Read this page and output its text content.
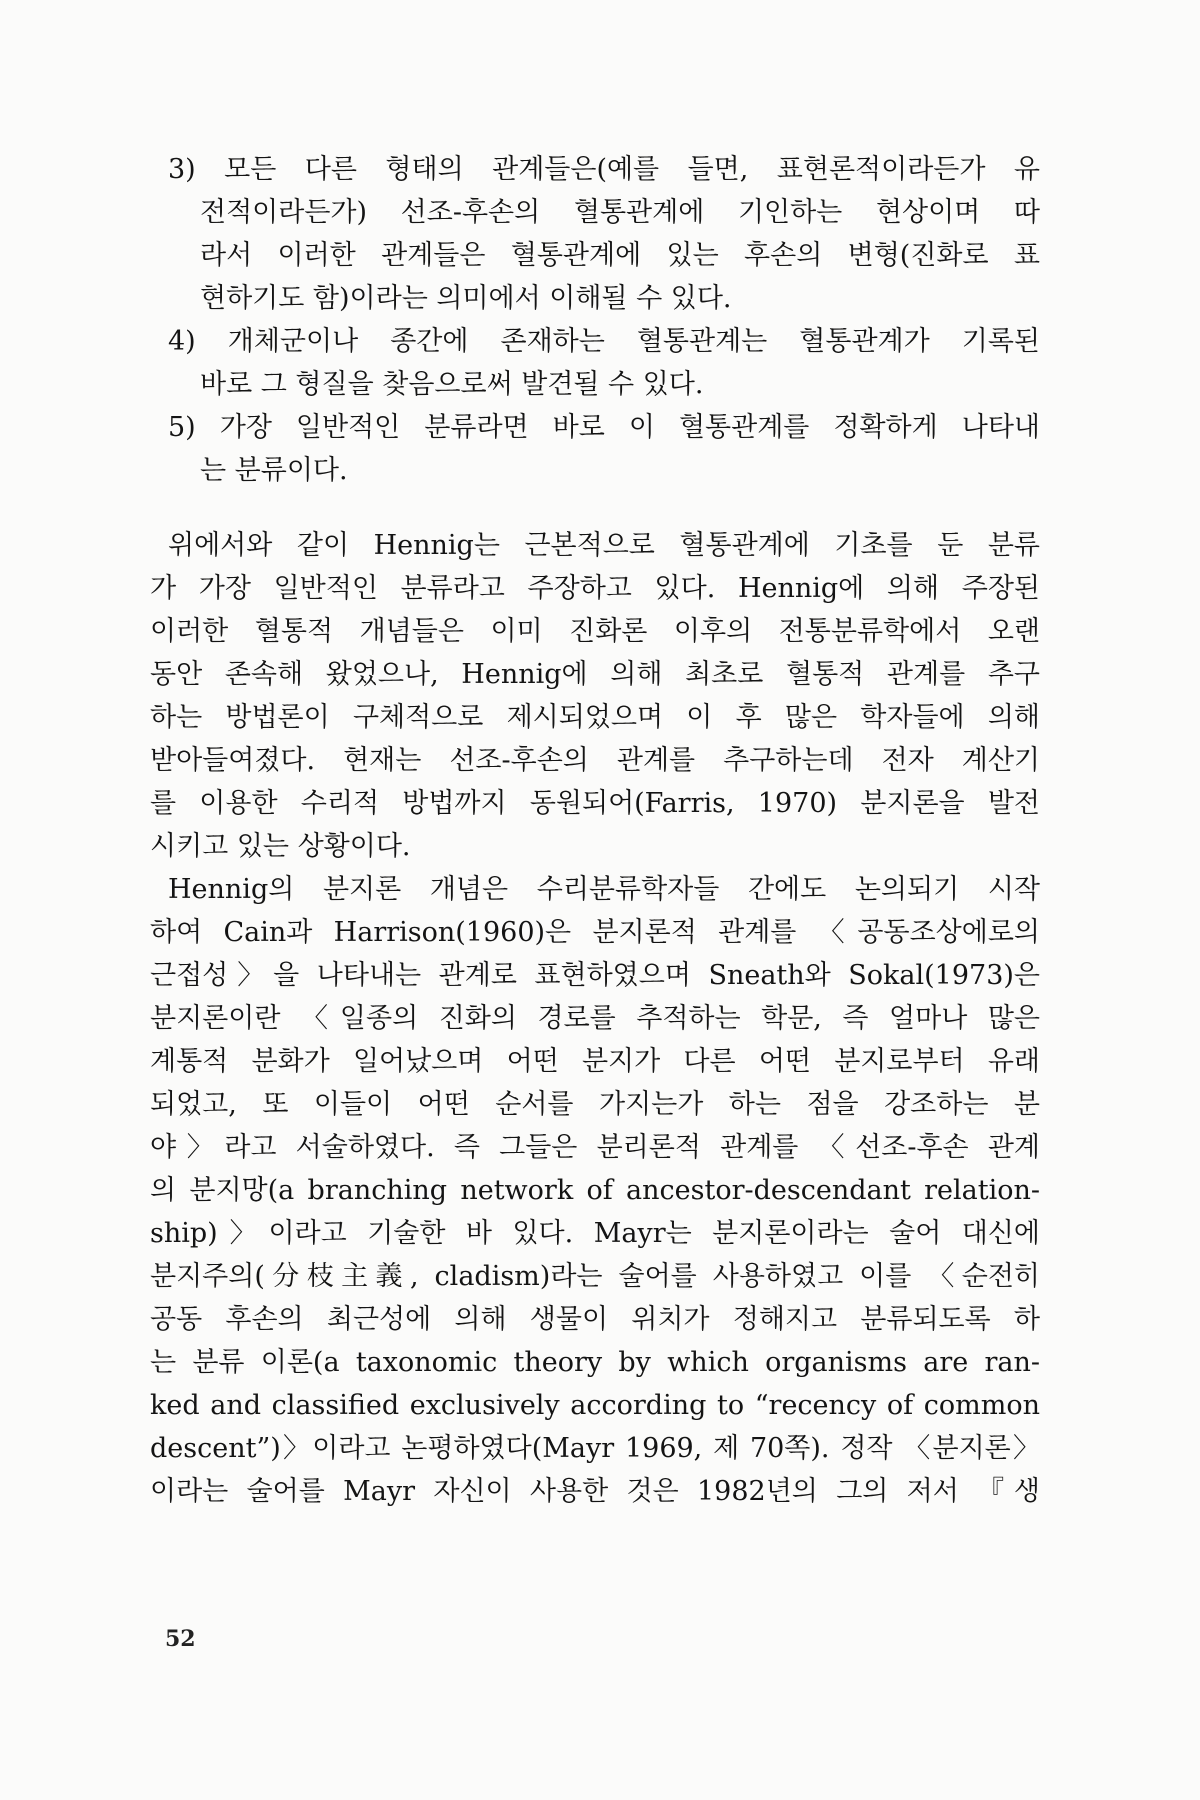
3) 모든 다른 형태의 관계들은(예를 들면, 표현론적이라든가 유
전적이라든가) 선조-후손의 혈통관계에 기인하는 현상이며 따
라서 이러한 관계들은 혈통관계에 있는 후손의 변형(진화로 표
현하기도 함)이라는 의미에서 이해될 수 있다.
4) 개체군이나 종간에 존재하는 혈통관계는 혈통관계가 기록된
바로 그 형질을 찾음으로써 발견될 수 있다.
5) 가장 일반적인 분류라면 바로 이 혈통관계를 정확하게 나타내
는 분류이다.
위에서와 같이 Hennig는 근본적으로 혈통관계에 기초를 둔 분류
가 가장 일반적인 분류라고 주장하고 있다. Hennig에 의해 주장된
이러한 혈통적 개념들은 이미 진화론 이후의 전통분류학에서 오랜
동안 존속해 왔었으나, Hennig에 의해 최초로 혈통적 관계를 추구
하는 방법론이 구체적으로 제시되었으며 이 후 많은 학자들에 의해
받아들여졌다. 현재는 선조-후손의 관계를 추구하는데 전자 계산기
를 이용한 수리적 방법까지 동원되어(Farris, 1970) 분지론을 발전
시키고 있는 상황이다.
Hennig의 분지론 개념은 수리분류학자들 간에도 논의되기 시작
하여 Cain과 Harrison(1960)은 분지론적 관계를 〈공동조상에로의
근접성〉을 나타내는 관계로 표현하였으며 Sneath와 Sokal(1973)은
분지론이란 〈일종의 진화의 경로를 추적하는 학문, 즉 얼마나 많은
계통적 분화가 일어났으며 어떤 분지가 다른 어떤 분지로부터 유래
되었고, 또 이들이 어떤 순서를 가지는가 하는 점을 강조하는 분
야〉라고 서술하였다. 즉 그들은 분리론적 관계를 〈선조-후손 관계
의 분지망(a branching network of ancestor-descendant relation-
ship)〉이라고 기술한 바 있다. Mayr는 분지론이라는 술어 대신에
분지주의(分枝主義, cladism)라는 술어를 사용하였고 이를 〈순전히
공동 후손의 최근성에 의해 생물이 위치가 정해지고 분류되도록 하
는 분류 이론(a taxonomic theory by which organisms are ran-
ked and classified exclusively according to “recency of common
descent”)〉이라고 논평하였다(Mayr 1969, 제 70쪽). 정작 〈분지론〉
이라는 술어를 Mayr 자신이 사용한 것은 1982년의 그의 저서 『생
52
